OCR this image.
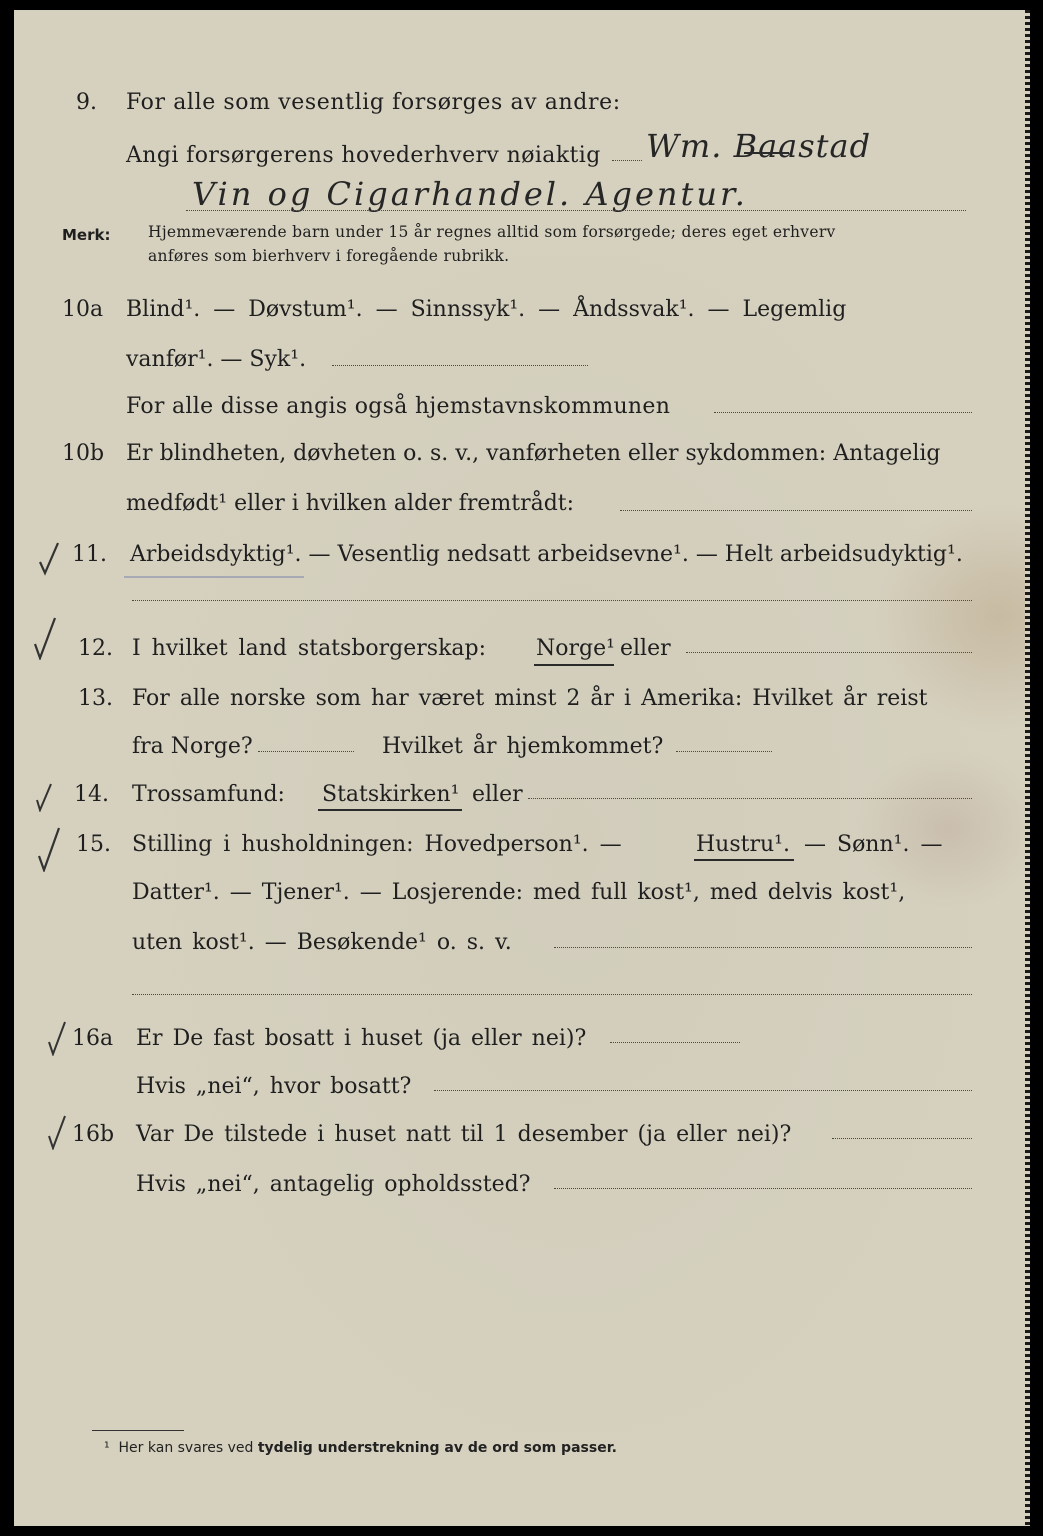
9. For alle som vesentlig forsørges av andre:
Angi forsørgerens hovederhverv nøiaktig Wm. Baastad
Vin og Cigarhandel. Agentur.
Merk: Hjemmeværende barn under 15 år regnes alltid som forsørgede; deres eget erhverv
anføres som bierhverv i foregående rubrikk.
10a Blind¹. — Døvstum¹. — Sinnssyk¹. — Åndssvak¹. — Legemlig
vanfør¹. — Syk¹.
For alle disse angis også hjemstavnskommunen
10b Er blindheten, døvheten o. s. v., vanførheten eller sykdommen: Antagelig
medfødt¹ eller i hvilken alder fremtrådt:
11. Arbeidsdyktig¹. — Vesentlig nedsatt arbeidsevne¹. — Helt arbeidsudyktig¹.
12. I hvilket land statsborgerskap: Norge¹ eller
13. For alle norske som har været minst 2 år i Amerika: Hvilket år reist
fra Norge?	Hvilket år hjemkommet?
14. Trossamfund: Statskirken¹ eller
15. Stilling i husholdningen: Hovedperson¹. —	Hustru¹. — Sønn¹. —
Datter¹. — Tjener¹. — Losjerende: med full kost¹, med delvis kost¹,
uten kost¹. — Besøkende¹ o. s. v.
16a Er De fast bosatt i huset (ja eller nei)?
Hvis „nei“, hvor bosatt?
16b Var De tilstede i huset natt til 1 desember (ja eller nei)?
Hvis „nei“, antagelig opholdssted?
¹ Her kan svares ved tydelig understrekning av de ord som passer.
